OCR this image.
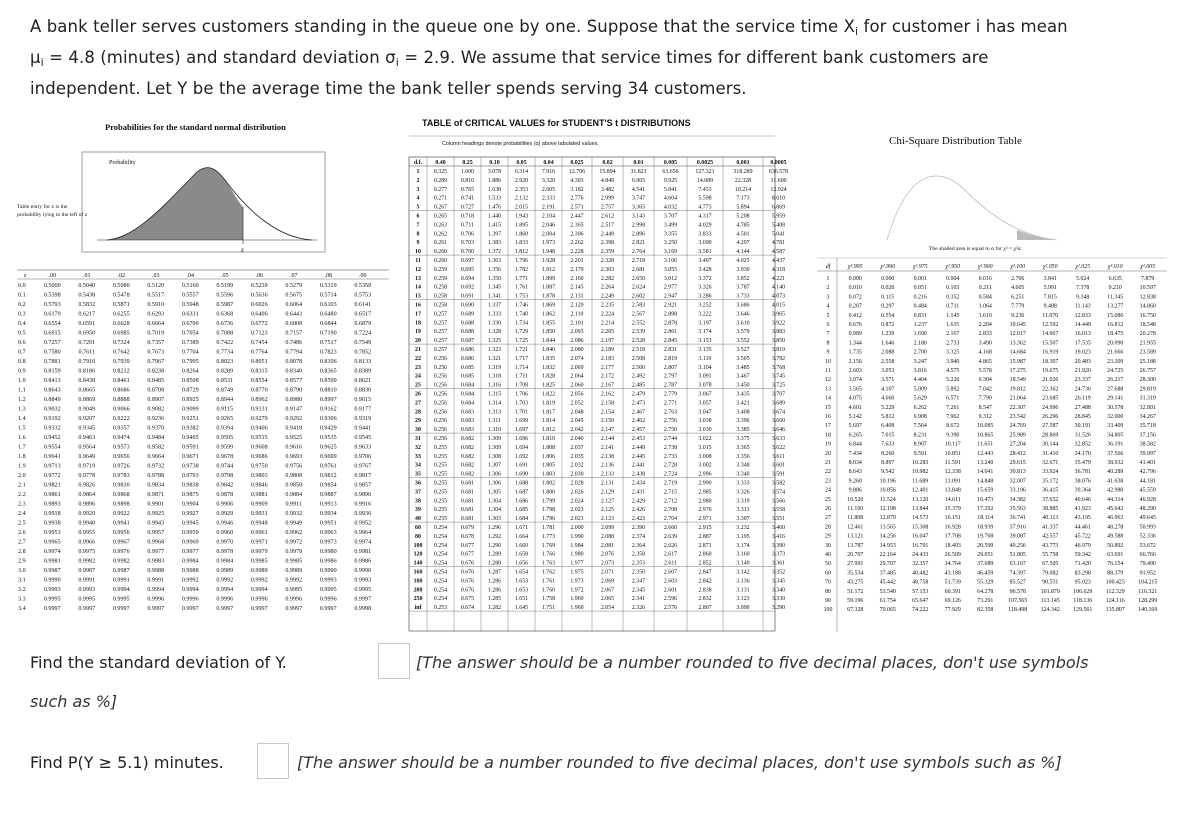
A bank teller serves customers standing in the queue one by one. Suppose that the service time $X_i$ for customer i has mean
$\mu_i = 4.8$ (minutes) and standard deviation $\sigma_i = 2.9$. We assume that service times for different bank customers are
independent. Let Y be the average time the bank teller spends serving 34 customers.
Probabilities for the standard normal distribution
Probability
Table entry for z is the
probability lying to the left of z
z
z	.00	.01	.02	.03	.04	.05	.06	.07	.08	.09
0.0	0.5000	0.5040	0.5080	0.5120	0.5160	0.5199	0.5239	0.5279	0.5319	0.5359
0.1	0.5398	0.5438	0.5478	0.5517	0.5557	0.5596	0.5636	0.5675	0.5714	0.5753
0.2	0.5793	0.5832	0.5871	0.5910	0.5948	0.5987	0.6026	0.6064	0.6103	0.6141
0.3	0.6179	0.6217	0.6255	0.6293	0.6331	0.6368	0.6406	0.6443	0.6480	0.6517
0.4	0.6554	0.6591	0.6628	0.6664	0.6700	0.6736	0.6772	0.6808	0.6844	0.6879
0.5	0.6915	0.6950	0.6985	0.7019	0.7054	0.7088	0.7123	0.7157	0.7190	0.7224
0.6	0.7257	0.7291	0.7324	0.7357	0.7389	0.7422	0.7454	0.7486	0.7517	0.7549
0.7	0.7580	0.7611	0.7642	0.7673	0.7704	0.7734	0.7764	0.7794	0.7823	0.7852
0.8	0.7881	0.7910	0.7939	0.7967	0.7995	0.8023	0.8051	0.8078	0.8106	0.8133
0.9	0.8159	0.8186	0.8212	0.8238	0.8264	0.8289	0.8315	0.8340	0.8365	0.8389
1.0	0.8413	0.8438	0.8461	0.8485	0.8508	0.8531	0.8554	0.8577	0.8599	0.8621
1.1	0.8643	0.8665	0.8686	0.8708	0.8729	0.8749	0.8770	0.8790	0.8810	0.8830
1.2	0.8849	0.8869	0.8888	0.8907	0.8925	0.8944	0.8962	0.8980	0.8997	0.9015
1.3	0.9032	0.9049	0.9066	0.9082	0.9099	0.9115	0.9131	0.9147	0.9162	0.9177
1.4	0.9192	0.9207	0.9222	0.9236	0.9251	0.9265	0.9279	0.9292	0.9306	0.9319
1.5	0.9332	0.9345	0.9357	0.9370	0.9382	0.9394	0.9406	0.9418	0.9429	0.9441
1.6	0.9452	0.9463	0.9474	0.9484	0.9495	0.9505	0.9515	0.9525	0.9535	0.9545
1.7	0.9554	0.9564	0.9573	0.9582	0.9591	0.9599	0.9608	0.9616	0.9625	0.9633
1.8	0.9641	0.9649	0.9656	0.9664	0.9671	0.9678	0.9686	0.9693	0.9699	0.9706
1.9	0.9713	0.9719	0.9726	0.9732	0.9738	0.9744	0.9750	0.9756	0.9761	0.9767
2.0	0.9772	0.9778	0.9783	0.9788	0.9793	0.9798	0.9803	0.9808	0.9812	0.9817
2.1	0.9821	0.9826	0.9830	0.9834	0.9838	0.9842	0.9846	0.9850	0.9854	0.9857
2.2	0.9861	0.9864	0.9868	0.9871	0.9875	0.9878	0.9881	0.9884	0.9887	0.9890
2.3	0.9893	0.9896	0.9898	0.9901	0.9904	0.9906	0.9909	0.9911	0.9913	0.9916
2.4	0.9918	0.9920	0.9922	0.9925	0.9927	0.9929	0.9931	0.9932	0.9934	0.9936
2.5	0.9938	0.9940	0.9941	0.9943	0.9945	0.9946	0.9948	0.9949	0.9951	0.9952
2.6	0.9953	0.9955	0.9956	0.9957	0.9959	0.9960	0.9961	0.9962	0.9963	0.9964
2.7	0.9965	0.9966	0.9967	0.9968	0.9969	0.9970	0.9971	0.9972	0.9973	0.9974
2.8	0.9974	0.9975	0.9976	0.9977	0.9977	0.9978	0.9979	0.9979	0.9980	0.9981
2.9	0.9981	0.9982	0.9982	0.9983	0.9984	0.9984	0.9985	0.9985	0.9986	0.9986
3.0	0.9987	0.9987	0.9987	0.9988	0.9988	0.9989	0.9989	0.9989	0.9990	0.9990
3.1	0.9990	0.9991	0.9991	0.9991	0.9992	0.9992	0.9992	0.9992	0.9993	0.9993
3.2	0.9993	0.9993	0.9994	0.9994	0.9994	0.9994	0.9994	0.9995	0.9995	0.9995
3.3	0.9995	0.9995	0.9995	0.9996	0.9996	0.9996	0.9996	0.9996	0.9996	0.9997
3.4	0.9997	0.9997	0.9997	0.9997	0.9997	0.9997	0.9997	0.9997	0.9997	0.9998
TABLE of CRITICAL VALUES for STUDENT'S t DISTRIBUTIONS
Column headings denote probabilities (α) above tabulated values.
d.f. 0.40	0.25	0.10	0.05	0.04	0.025	0.02	0.01	0.005	0.0025	0.001	0.0005
1 0.325 1.000 3.078 6.314 7.916 12.706 15.894	31.821	63.656	127.321	318.289	636.578
2 0.289 0.816 1.886 2.920 3.320	4.303	4.849	6.965	9.925	14.089	22.328	31.600
3 0.277 0.765 1.638 2.353 2.605	3.182	3.482	4.541	5.841	7.453	10.214	12.924
4 0.271 0.741 1.533 2.132 2.333	2.776	2.999	3.747	4.604	5.598	7.173	8.610
5 0.267 0.727 1.476 2.015 2.191	2.571	2.757	3.365	4.032	4.773	5.894	6.869
6 0.265 0.718 1.440 1.943 2.104	2.447	2.612	3.143	3.707	4.317	5.208	5.959
7 0.263 0.711 1.415 1.895 2.046	2.365	2.517	2.998	3.499	4.029	4.785	5.408
8 0.262 0.706 1.397 1.860 2.004	2.306	2.449	2.896	3.355	3.833	4.501	5.041
9 0.261 0.703 1.383 1.833 1.973	2.262	2.398	2.821	3.250	3.690	4.297	4.781
10 0.260 0.700 1.372 1.812 1.948	2.228	2.359	2.764	3.169	3.581	4.144	4.587
11 0.260 0.697 1.363 1.796 1.928	2.201	2.328	2.718	3.106	3.497	4.025	4.437
12 0.259 0.695 1.356 1.782 1.912	2.179	2.303	2.681	3.055	3.428	3.930	4.318
13 0.259 0.694 1.350 1.771 1.899	2.160	2.282	2.650	3.012	3.372	3.852	4.221
14 0.258 0.692 1.345 1.761 1.887	2.145	2.264	2.624	2.977	3.326	3.787	4.140
15 0.258 0.691 1.341 1.753 1.878	2.131	2.249	2.602	2.947	3.286	3.733	4.073
16 0.258 0.690 1.337 1.746 1.869	2.120	2.235	2.583	2.921	3.252	3.686	4.015
17 0.257 0.689 1.333 1.740 1.862	2.110	2.224	2.567	2.898	3.222	3.646	3.965
18 0.257 0.688 1.330 1.734 1.855	2.101	2.214	2.552	2.878	3.197	3.610	3.922
19 0.257 0.688 1.328 1.729 1.850	2.093	2.205	2.539	2.861	3.174	3.579	3.883
20 0.257 0.687 1.325 1.725 1.844	2.086	2.197	2.528	2.845	3.153	3.552	3.850
21 0.257 0.686 1.323 1.721 1.840	2.080	2.189	2.518	2.831	3.135	3.527	3.819
22 0.256 0.686 1.321 1.717 1.835	2.074	2.183	2.508	2.819	3.119	3.505	3.792
23 0.256 0.685 1.319 1.714 1.832	2.069	2.177	2.500	2.807	3.104	3.485	3.768
24 0.256 0.685 1.318 1.711 1.828	2.064	2.172	2.492	2.797	3.091	3.467	3.745
25 0.256 0.684 1.316 1.708 1.825	2.060	2.167	2.485	2.787	3.078	3.450	3.725
26 0.256 0.684 1.315 1.706 1.822	2.056	2.162	2.479	2.779	3.067	3.435	3.707
27 0.256 0.684 1.314 1.703 1.819	2.052	2.158	2.473	2.771	3.057	3.421	3.689
28 0.256 0.683 1.313 1.701 1.817	2.048	2.154	2.467	2.763	3.047	3.408	3.674
29 0.256 0.683 1.311 1.699 1.814	2.045	2.150	2.462	2.756	3.038	3.396	3.660
30 0.256 0.683 1.310 1.697 1.812	2.042	2.147	2.457	2.750	3.030	3.385	3.646
31 0.256 0.682 1.309 1.696 1.810	2.040	2.144	2.453	2.744	3.022	3.375	3.633
32 0.255 0.682 1.309 1.694 1.808	2.037	2.141	2.449	2.738	3.015	3.365	3.622
33 0.255 0.682 1.308 1.692 1.806	2.035	2.138	2.445	2.733	3.008	3.356	3.611
34 0.255 0.682 1.307 1.691 1.805	2.032	2.136	2.441	2.728	3.002	3.348	3.601
35 0.255 0.682 1.306 1.690 1.803	2.030	2.133	2.438	2.724	2.996	3.340	3.591
36 0.255 0.681 1.306 1.688 1.802	2.028	2.131	2.434	2.719	2.990	3.333	3.582
37 0.255 0.681 1.305 1.687 1.800	2.026	2.129	2.431	2.715	2.985	3.326	3.574
38 0.255 0.681 1.304 1.686 1.799	2.024	2.127	2.429	2.712	2.980	3.319	3.566
39 0.255 0.681 1.304 1.685 1.798	2.023	2.125	2.426	2.708	2.976	3.313	3.558
40 0.255 0.681 1.303 1.684 1.796	2.021	2.123	2.423	2.704	2.971	3.307	3.551
60 0.254 0.679 1.296 1.671 1.781	2.000	2.099	2.390	2.660	2.915	3.232	3.460
80 0.254 0.678 1.292 1.664 1.773	1.990	2.088	2.374	2.639	2.887	3.195	3.416
100 0.254 0.677 1.290 1.660 1.769	1.984	2.081	2.364	2.626	2.871	3.174	3.390
120 0.254 0.677 1.289 1.658 1.766	1.980	2.076	2.358	2.617	2.860	3.160	3.373
140 0.254 0.676 1.288 1.656 1.763	1.977	2.073	2.353	2.611	2.852	3.149	3.361
160 0.254 0.676 1.287 1.654 1.762	1.975	2.071	2.350	2.607	2.847	3.142	3.352
180 0.254 0.676 1.286 1.653 1.761	1.973	2.069	2.347	2.603	2.842	3.136	3.345
200 0.254 0.676 1.286 1.653 1.760	1.972	2.067	2.345	2.601	2.838	3.131	3.340
250 0.254 0.675 1.285 1.651 1.758	1.969	2.065	2.341	2.596	2.832	3.123	3.330
inf 0.253 0.674 1.282 1.645 1.751	1.960	2.054	2.326	2.576	2.807	3.090	3.290
Chi-Square Distribution Table
The shaded area is equal to α for χ² = χ²α.
df	χ².995	χ².990	χ².975	χ².950	χ².900	χ².100	χ².050	χ².025	χ².010	χ².005
1	0.000	0.000	0.001	0.004	0.016	2.706	3.841	5.024	6.635	7.879
2	0.010	0.020	0.051	0.103	0.211	4.605	5.991	7.378	9.210	10.597
3	0.072	0.115	0.216	0.352	0.584	6.251	7.815	9.348	11.345	12.838
4	0.207	0.297	0.484	0.711	1.064	7.779	9.488	11.143	13.277	14.860
5	0.412	0.554	0.831	1.145	1.610	9.236	11.070	12.833	15.086	16.750
6	0.676	0.872	1.237	1.635	2.204	10.645	12.592	14.449	16.812	18.548
7	0.989	1.239	1.690	2.167	2.833	12.017	14.067	16.013	18.475	20.278
8	1.344	1.646	2.180	2.733	3.490	13.362	15.507	17.535	20.090	21.955
9	1.735	2.088	2.700	3.325	4.168	14.684	16.919	19.023	21.666	23.589
10	2.156	2.558	3.247	3.940	4.865	15.987	18.307	20.483	23.209	25.188
11	2.603	3.053	3.816	4.575	5.578	17.275	19.675	21.920	24.725	26.757
12	3.074	3.571	4.404	5.226	6.304	18.549	21.026	23.337	26.217	28.300
13	3.565	4.107	5.009	5.892	7.042	19.812	22.362	24.736	27.688	29.819
14	4.075	4.660	5.629	6.571	7.790	21.064	23.685	26.119	29.141	31.319
15	4.601	5.229	6.262	7.261	8.547	22.307	24.996	27.488	30.578	32.801
16	5.142	5.812	6.908	7.962	9.312	23.542	26.296	28.845	32.000	34.267
17	5.697	6.408	7.564	8.672	10.085	24.769	27.587	30.191	33.409	35.718
18	6.265	7.015	8.231	9.390	10.865	25.989	28.869	31.526	34.805	37.156
19	6.844	7.633	8.907	10.117	11.651	27.204	30.144	32.852	36.191	38.582
20	7.434	8.260	9.591	10.851	12.443	28.412	31.410	34.170	37.566	39.997
21	8.034	8.897	10.283	11.591	13.240	29.615	32.671	35.479	38.932	41.401
22	8.643	9.542	10.982	12.338	14.041	30.813	33.924	36.781	40.289	42.796
23	9.260	10.196	11.689	13.091	14.848	32.007	35.172	38.076	41.638	44.181
24	9.886	10.856	12.401	13.848	15.659	33.196	36.415	39.364	42.980	45.559
25	10.520	11.524	13.120	14.611	16.473	34.382	37.652	40.646	44.314	46.928
26	11.160	12.198	13.844	15.379	17.292	35.563	38.885	41.923	45.642	48.290
27	11.808	12.879	14.573	16.151	18.114	36.741	40.113	43.195	46.963	49.645
28	12.461	13.565	15.308	16.928	18.939	37.916	41.337	44.461	48.278	50.993
29	13.121	14.256	16.047	17.708	19.768	39.087	42.557	45.722	49.588	52.336
30	13.787	14.953	16.791	18.493	20.599	40.256	43.773	46.979	50.892	53.672
40	20.707	22.164	24.433	26.509	29.051	51.805	55.758	59.342	63.691	66.766
50	27.991	29.707	32.357	34.764	37.689	63.167	67.505	71.420	76.154	79.490
60	35.534	37.485	40.482	43.188	46.459	74.397	79.082	83.298	88.379	91.952
70	43.275	45.442	48.758	51.739	55.329	85.527	90.531	95.023	100.425 104.215
80	51.172	53.540	57.153	60.391	64.278	96.578	101.879 106.629 112.329 116.321
90	59.196	61.754	65.647	69.126	73.291	107.565 113.145 118.136 124.116 128.299
100 67.328	70.065	74.222	77.929	82.358	118.498 124.342 129.561 135.807 140.169
Find the standard deviation of Y.	[The answer should be a number rounded to five decimal places, don't use symbols
such as %]
Find P(Y ≥ 5.1) minutes.	[The answer should be a number rounded to five decimal places, don't use symbols such as %]
